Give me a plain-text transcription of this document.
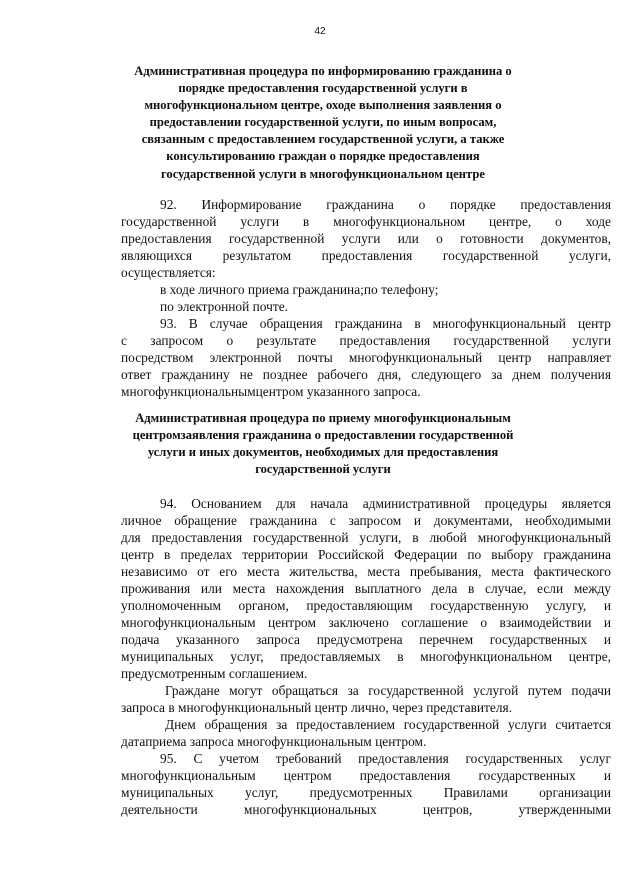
42
Административная процедура по информированию гражданина о порядке предоставления государственной услуги в многофункциональном центре, оходе выполнения заявления о предоставлении государственной услуги, по иным вопросам, связанным с предоставлением государственной услуги, а также консультированию граждан о порядке предоставления государственной услуги в многофункциональном центре
92. Информирование гражданина о порядке предоставления
государственной услуги в многофункциональном центре, о ходе
предоставления государственной услуги или о готовности документов,
являющихся результатом предоставления государственной услуги,
осуществляется:
в ходе личного приема гражданина;по телефону;
по электронной почте.
93. В случае обращения гражданина в многофункциональный центр
с запросом о результате предоставления государственной услуги
посредством электронной почты многофункциональный центр направляет
ответ гражданину не позднее рабочего дня, следующего за днем получения
многофункциональнымцентром указанного запроса.
Административная процедура по приему многофункциональным центромзаявления гражданина о предоставлении государственной услуги и иных документов, необходимых для предоставления государственной услуги
94. Основанием для начала административной процедуры является
личное обращение гражданина с запросом и документами, необходимыми
для предоставления государственной услуги, в любой многофункциональный
центр в пределах территории Российской Федерации по выбору гражданина
независимо от его места жительства, места пребывания, места фактического
проживания или места нахождения выплатного дела в случае, если между
уполномоченным органом, предоставляющим государственную услугу, и
многофункциональным центром заключено соглашение о взаимодействии и
подача указанного запроса предусмотрена перечнем государственных и
муниципальных услуг, предоставляемых в многофункциональном центре,
предусмотренным соглашением.
Граждане могут обращаться за государственной услугой путем подачи
запроса в многофункциональный центр лично, через представителя.
Днем обращения за предоставлением государственной услуги считается
датаприема запроса многофункциональным центром.
95. С учетом требований предоставления государственных услуг
многофункциональным центром предоставления государственных и
муниципальных услуг, предусмотренных Правилами организации
деятельности многофункциональных центров, утвержденными
